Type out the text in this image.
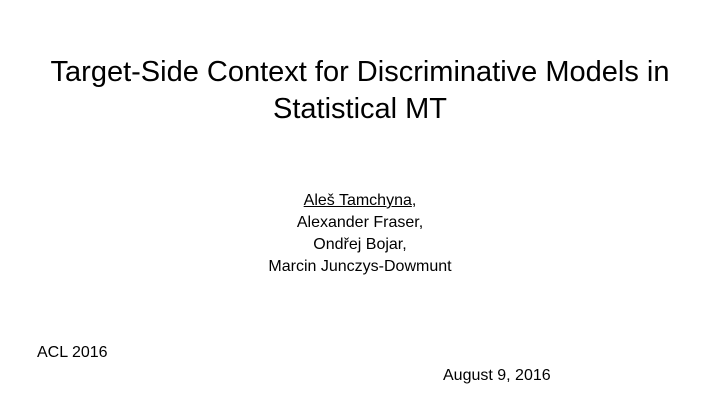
Target-Side Context for Discriminative Models in
Statistical MT
Aleš Tamchyna,
Alexander Fraser,
Ondřej Bojar,
Marcin Junczys-Dowmunt
ACL 2016
August 9, 2016
